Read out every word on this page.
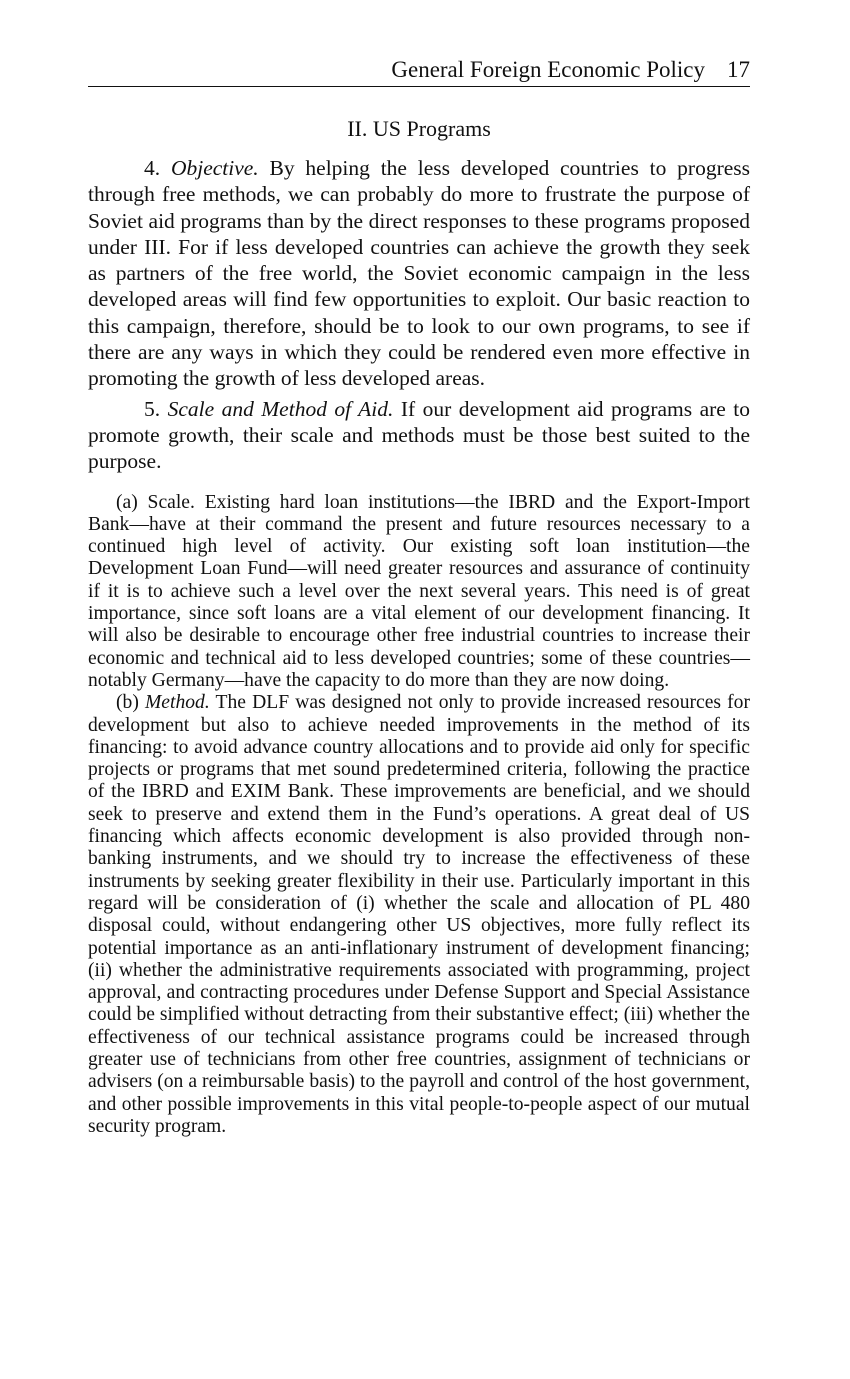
General Foreign Economic Policy 17
II. US Programs

4. Objective. By helping the less developed countries to progress through free methods, we can probably do more to frustrate the purpose of Soviet aid programs than by the direct responses to these programs proposed under III. For if less developed countries can achieve the growth they seek as partners of the free world, the Soviet economic campaign in the less developed areas will find few opportunities to exploit. Our basic reaction to this campaign, therefore, should be to look to our own programs, to see if there are any ways in which they could be rendered even more effective in promoting the growth of less developed areas.

5. Scale and Method of Aid. If our development aid programs are to promote growth, their scale and methods must be those best suited to the purpose.

(a) Scale. Existing hard loan institutions—the IBRD and the Export-Import Bank—have at their command the present and future resources necessary to a continued high level of activity. Our existing soft loan institution—the Development Loan Fund—will need greater resources and assurance of continuity if it is to achieve such a level over the next several years. This need is of great importance, since soft loans are a vital element of our development financing. It will also be desirable to encourage other free industrial countries to increase their economic and technical aid to less developed countries; some of these countries—notably Germany—have the capacity to do more than they are now doing.

(b) Method. The DLF was designed not only to provide increased resources for development but also to achieve needed improvements in the method of its financing: to avoid advance country allocations and to provide aid only for specific projects or programs that met sound predetermined criteria, following the practice of the IBRD and EXIM Bank. These improvements are beneficial, and we should seek to preserve and extend them in the Fund’s operations. A great deal of US financing which affects economic development is also provided through non-banking instruments, and we should try to increase the effectiveness of these instruments by seeking greater flexibility in their use. Particularly important in this regard will be consideration of (i) whether the scale and allocation of PL 480 disposal could, without endangering other US objectives, more fully reflect its potential importance as an anti-inflationary instrument of development financing; (ii) whether the administrative requirements associated with programming, project approval, and contracting procedures under Defense Support and Special Assistance could be simplified without detracting from their substantive effect; (iii) whether the effectiveness of our technical assistance programs could be increased through greater use of technicians from other free countries, assignment of technicians or advisers (on a reimbursable basis) to the payroll and control of the host government, and other possible improvements in this vital people-to-people aspect of our mutual security program.
